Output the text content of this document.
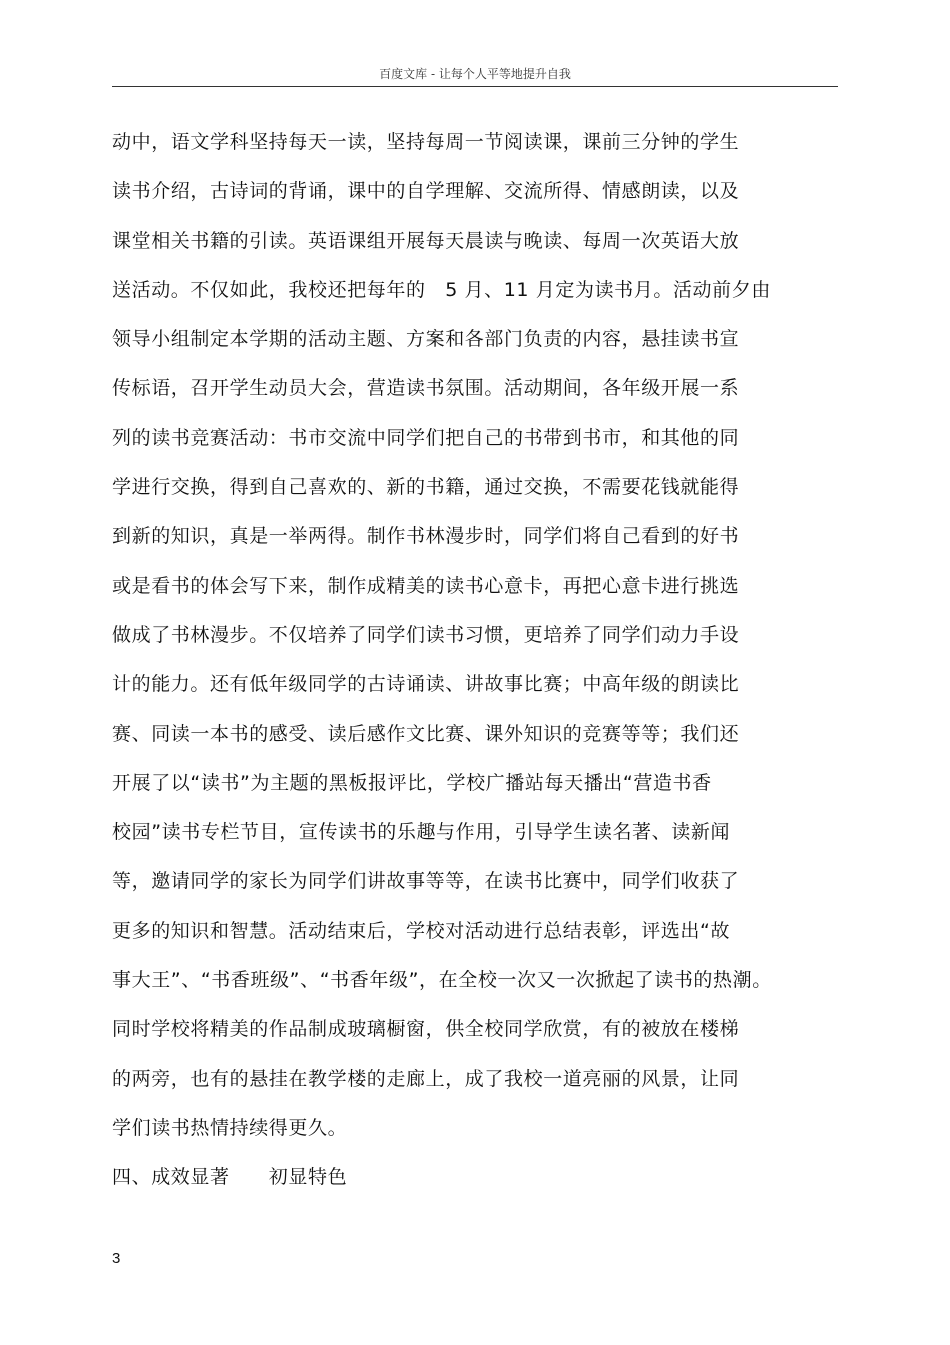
百度文库 - 让每个人平等地提升自我
动中，语文学科坚持每天一读，坚持每周一节阅读课，课前三分钟的学生
读书介绍，古诗词的背诵，课中的自学理解、交流所得、情感朗读，以及
课堂相关书籍的引读。英语课组开展每天晨读与晚读、每周一次英语大放
送活动。不仅如此，我校还把每年的　5 月、11 月定为读书月。活动前夕由
领导小组制定本学期的活动主题、方案和各部门负责的内容，悬挂读书宣
传标语，召开学生动员大会，营造读书氛围。活动期间，各年级开展一系
列的读书竞赛活动：书市交流中同学们把自己的书带到书市，和其他的同
学进行交换，得到自己喜欢的、新的书籍，通过交换，不需要花钱就能得
到新的知识，真是一举两得。制作书林漫步时，同学们将自己看到的好书
或是看书的体会写下来，制作成精美的读书心意卡，再把心意卡进行挑选
做成了书林漫步。不仅培养了同学们读书习惯，更培养了同学们动力手设
计的能力。还有低年级同学的古诗诵读、讲故事比赛；中高年级的朗读比
赛、同读一本书的感受、读后感作文比赛、课外知识的竞赛等等；我们还
开展了以“读书”为主题的黑板报评比，学校广播站每天播出“营造书香
校园”读书专栏节目，宣传读书的乐趣与作用，引导学生读名著、读新闻
等，邀请同学的家长为同学们讲故事等等，在读书比赛中，同学们收获了
更多的知识和智慧。活动结束后，学校对活动进行总结表彰，评选出“故
事大王”、“书香班级”、“书香年级”，在全校一次又一次掀起了读书的热潮。
同时学校将精美的作品制成玻璃橱窗，供全校同学欣赏，有的被放在楼梯
的两旁，也有的悬挂在教学楼的走廊上，成了我校一道亮丽的风景，让同
学们读书热情持续得更久。
四、成效显著　　初显特色
3
